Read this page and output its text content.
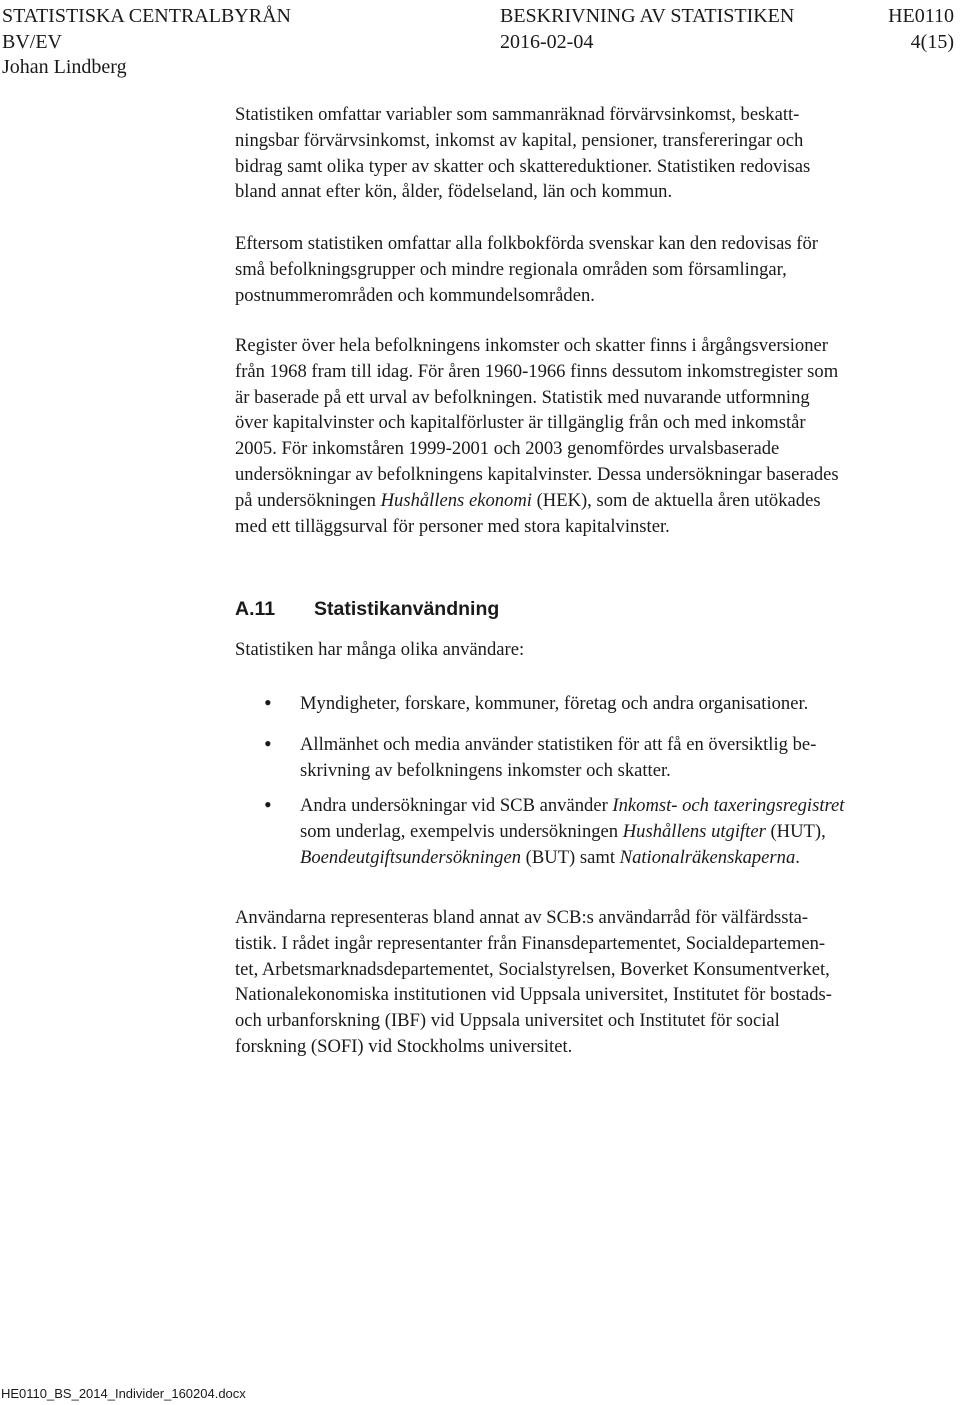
STATISTISKA CENTRALBYRÅN	BESKRIVNING AV STATISTIKEN	HE0110
BV/EV	2016-02-04	4(15)
Johan Lindberg
Statistiken omfattar variabler som sammanräknad förvärvsinkomst, beskatt-
ningsbar förvärvsinkomst, inkomst av kapital, pensioner, transfereringar och
bidrag samt olika typer av skatter och skattereduktioner. Statistiken redovisas
bland annat efter kön, ålder, födelseland, län och kommun.
Eftersom statistiken omfattar alla folkbokförda svenskar kan den redovisas för
små befolkningsgrupper och mindre regionala områden som församlingar,
postnummerområden och kommundelsområden.
Register över hela befolkningens inkomster och skatter finns i årgångsversioner
från 1968 fram till idag. För åren 1960-1966 finns dessutom inkomstregister som
är baserade på ett urval av befolkningen. Statistik med nuvarande utformning
över kapitalvinster och kapitalförluster är tillgänglig från och med inkomstår
2005. För inkomståren 1999-2001 och 2003 genomfördes urvalsbaserade
undersökningar av befolkningens kapitalvinster. Dessa undersökningar baserades
på undersökningen Hushållens ekonomi (HEK), som de aktuella åren utökades
med ett tilläggsurval för personer med stora kapitalvinster.
A.11 Statistikanvändning
Statistiken har många olika användare:
• Myndigheter, forskare, kommuner, företag och andra organisationer.
• Allmänhet och media använder statistiken för att få en översiktlig be-
skrivning av befolkningens inkomster och skatter.
• Andra undersökningar vid SCB använder Inkomst- och taxeringsregistret
som underlag, exempelvis undersökningen Hushållens utgifter (HUT),
Boendeutgiftsundersökningen (BUT) samt Nationalräkenskaperna.
Användarna representeras bland annat av SCB:s användarråd för välfärdssta-
tistik. I rådet ingår representanter från Finansdepartementet, Socialdepartemen-
tet, Arbetsmarknadsdepartementet, Socialstyrelsen, Boverket Konsumentverket,
Nationalekonomiska institutionen vid Uppsala universitet, Institutet för bostads-
och urbanforskning (IBF) vid Uppsala universitet och Institutet för social
forskning (SOFI) vid Stockholms universitet.
HE0110_BS_2014_Individer_160204.docx
